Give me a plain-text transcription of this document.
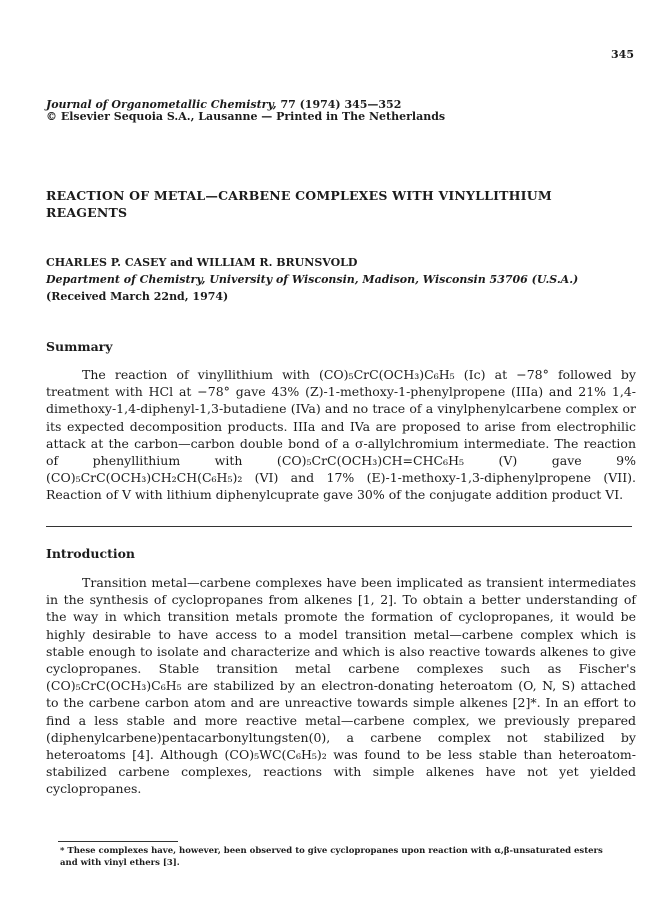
345
Journal of Organometallic Chemistry, 77 (1974) 345—352
© Elsevier Sequoia S.A., Lausanne — Printed in The Netherlands
REACTION OF METAL—CARBENE COMPLEXES WITH VINYLLITHIUM
REAGENTS
CHARLES P. CASEY and WILLIAM R. BRUNSVOLD
Department of Chemistry, University of Wisconsin, Madison, Wisconsin 53706 (U.S.A.)
(Received March 22nd, 1974)
Summary

The reaction of vinyllithium with (CO)₅CrC(OCH₃)C₆H₅ (Ic) at −78° followed by treatment with HCl at −78° gave 43% (Z)-1-methoxy-1-phenylpropene (IIIa) and 21% 1,4-dimethoxy-1,4-diphenyl-1,3-butadiene (IVa) and no trace of a vinylphenylcarbene complex or its expected decomposition products. IIIa and IVa are proposed to arise from electrophilic attack at the carbon—carbon double bond of a σ-allylchromium intermediate. The reaction of phenyllithium with (CO)₅CrC(OCH₃)CH=CHC₆H₅ (V) gave 9% (CO)₅CrC(OCH₃)CH₂CH(C₆H₅)₂ (VI) and 17% (E)-1-methoxy-1,3-diphenylpropene (VII). Reaction of V with lithium diphenylcuprate gave 30% of the conjugate addition product VI.

Introduction

Transition metal—carbene complexes have been implicated as transient intermediates in the synthesis of cyclopropanes from alkenes [1, 2]. To obtain a better understanding of the way in which transition metals promote the formation of cyclopropanes, it would be highly desirable to have access to a model transition metal—carbene complex which is stable enough to isolate and characterize and which is also reactive towards alkenes to give cyclopropanes. Stable transition metal carbene complexes such as Fischer's (CO)₅CrC(OCH₃)C₆H₅ are stabilized by an electron-donating heteroatom (O, N, S) attached to the carbene carbon atom and are unreactive towards simple alkenes [2]*. In an effort to find a less stable and more reactive metal—carbene complex, we previously prepared (diphenylcarbene)pentacarbonyltungsten(0), a carbene complex not stabilized by heteroatoms [4]. Although (CO)₅WC(C₆H₅)₂ was found to be less stable than heteroatom-stabilized carbene complexes, reactions with simple alkenes have not yet yielded cyclopropanes.

* These complexes have, however, been observed to give cyclopropanes upon reaction with α,β-unsaturated esters and with vinyl ethers [3].
